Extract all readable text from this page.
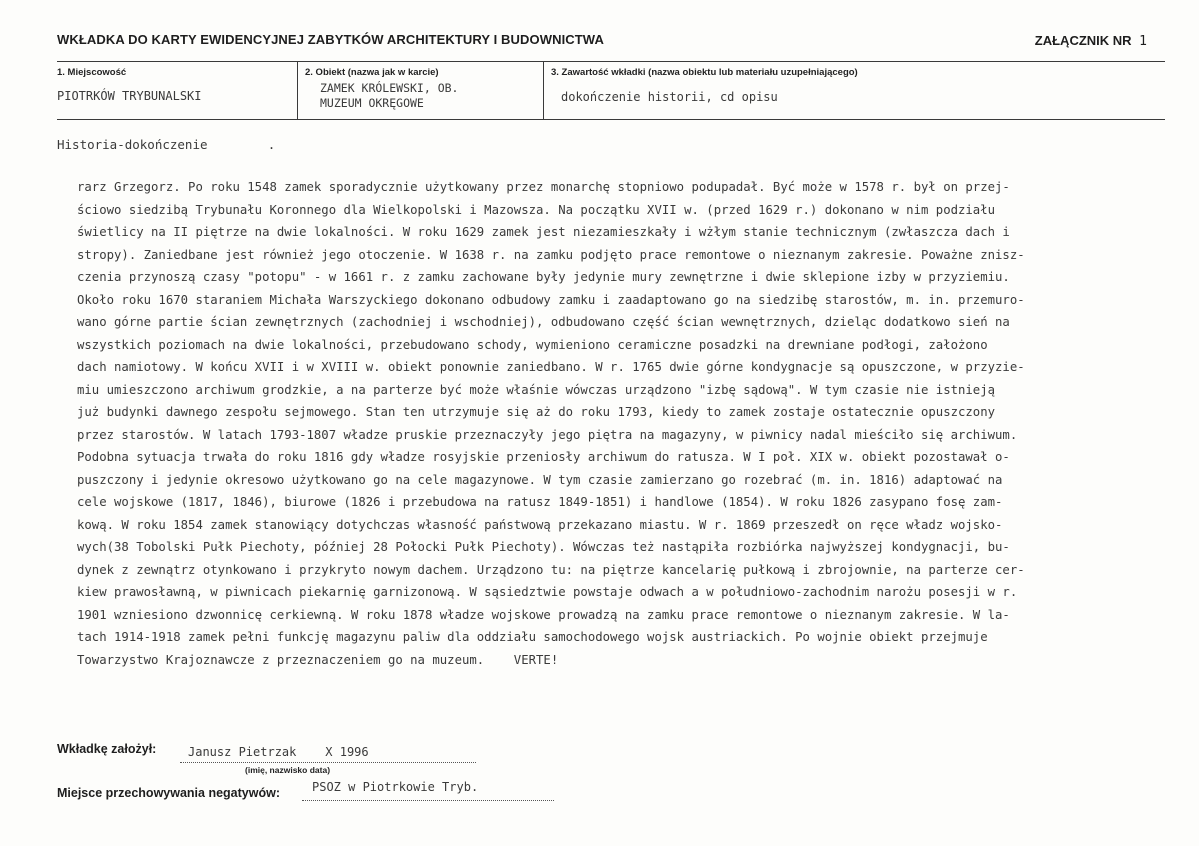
WKŁADKA DO KARTY EWIDENCYJNEJ ZABYTKÓW ARCHITEKTURY I BUDOWNICTWA	ZAŁĄCZNIK NR 1
1. Miejscowość
PIOTRKÓW TRYBUNALSKI
2. Obiekt (nazwa jak w karcie)
ZAMEK KRÓLEWSKI, OB.
MUZEUM OKRĘGOWE
3. Zawartość wkładki (nazwa obiektu lub materiału uzupełniającego)
dokończenie historii, cd opisu
Historia-dokończenie        .
rarz Grzegorz. Po roku 1548 zamek sporadycznie użytkowany przez monarchę stopniowo podupadał. Być może w 1578 r. był on przej-
ściowo siedzibą Trybunału Koronnego dla Wielkopolski i Mazowsza. Na początku XVII w. (przed 1629 r.) dokonano w nim podziału
świetlicy na II piętrze na dwie lokalności. W roku 1629 zamek jest niezamieszkały i wżłym stanie technicznym (zwłaszcza dach i
stropy). Zaniedbane jest również jego otoczenie. W 1638 r. na zamku podjęto prace remontowe o nieznanym zakresie. Poważne znisz-
czenia przynoszą czasy "potopu" - w 1661 r. z zamku zachowane były jedynie mury zewnętrzne i dwie sklepione izby w przyziemiu.
Około roku 1670 staraniem Michała Warszyckiego dokonano odbudowy zamku i zaadaptowano go na siedzibę starostów, m. in. przemuro-
wano górne partie ścian zewnętrznych (zachodniej i wschodniej), odbudowano część ścian wewnętrznych, dzieląc dodatkowo sień na
wszystkich poziomach na dwie lokalności, przebudowano schody, wymieniono ceramiczne posadzki na drewniane podłogi, założono
dach namiotowy. W końcu XVII i w XVIII w. obiekt ponownie zaniedbano. W r. 1765 dwie górne kondygnacje są opuszczone, w przyzie-
miu umieszczono archiwum grodzkie, a na parterze być może właśnie wówczas urządzono "izbę sądową". W tym czasie nie istnieją
już budynki dawnego zespołu sejmowego. Stan ten utrzymuje się aż do roku 1793, kiedy to zamek zostaje ostatecznie opuszczony
przez starostów. W latach 1793-1807 władze pruskie przeznaczyły jego piętra na magazyny, w piwnicy nadal mieściło się archiwum.
Podobna sytuacja trwała do roku 1816 gdy władze rosyjskie przeniosły archiwum do ratusza. W I poł. XIX w. obiekt pozostawał o-
puszczony i jedynie okresowo użytkowano go na cele magazynowe. W tym czasie zamierzano go rozebrać (m. in. 1816) adaptować na
cele wojskowe (1817, 1846), biurowe (1826 i przebudowa na ratusz 1849-1851) i handlowe (1854). W roku 1826 zasypano fosę zam-
kową. W roku 1854 zamek stanowiący dotychczas własność państwową przekazano miastu. W r. 1869 przeszedł on ręce władz wojsko-
wych(38 Tobolski Pułk Piechoty, później 28 Połocki Pułk Piechoty). Wówczas też nastąpiła rozbiórka najwyższej kondygnacji, bu-
dynek z zewnątrz otynkowano i przykryto nowym dachem. Urządzono tu: na piętrze kancelarię pułkową i zbrojownie, na parterze cer-
kiew prawosławną, w piwnicach piekarnię garnizonową. W sąsiedztwie powstaje odwach a w południowo-zachodnim narożu posesji w r.
1901 wzniesiono dzwonnicę cerkiewną. W roku 1878 władze wojskowe prowadzą na zamku prace remontowe o nieznanym zakresie. W la-
tach 1914-1918 zamek pełni funkcję magazynu paliw dla oddziału samochodowego wojsk austriackich. Po wojnie obiekt przejmuje
Towarzystwo Krajoznawcze z przeznaczeniem go na muzeum.    VERTE!
Wkładkę założył:	Janusz Pietrzak    X 1996
(imię, nazwisko data)
Miejsce przechowywania negatywów:	PSOZ w Piotrkowie Tryb.
